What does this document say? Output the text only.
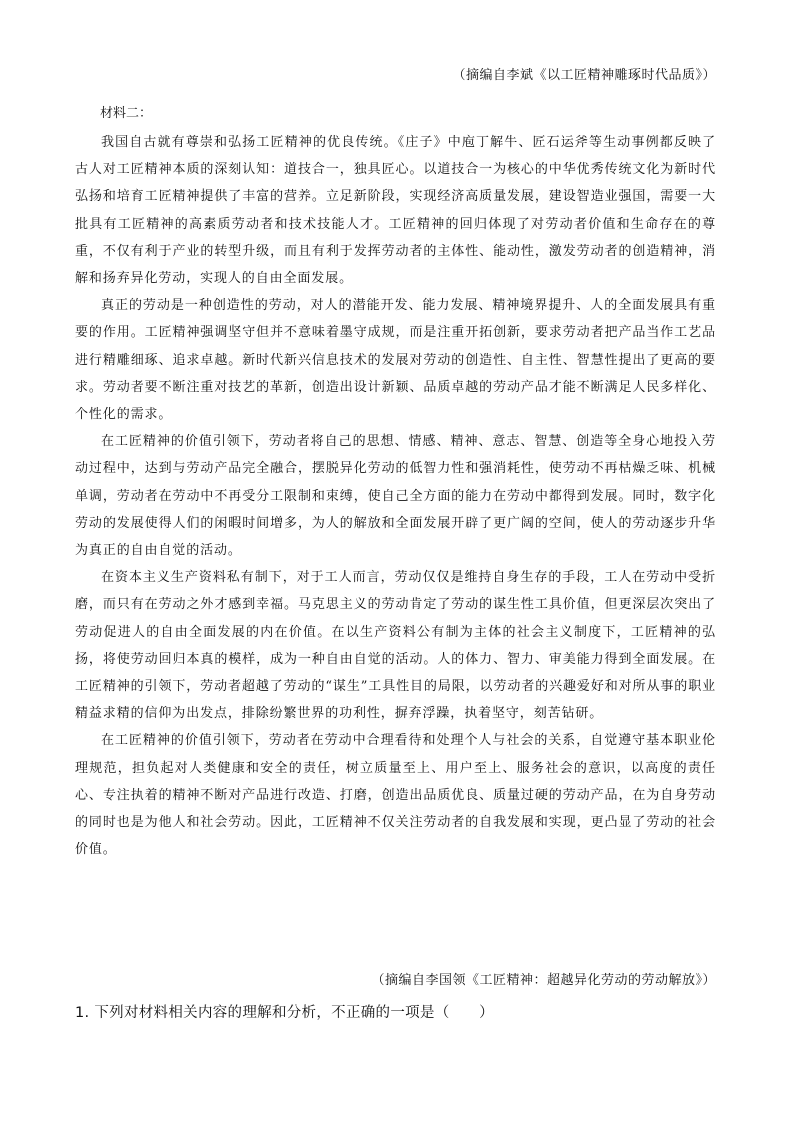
（摘编自李斌《以工匠精神雕琢时代品质》）
材料二：

我国自古就有尊崇和弘扬工匠精神的优良传统。《庄子》中庖丁解牛、匠石运斧等生动事例都反映了古人对工匠精神本质的深刻认知：道技合一，独具匠心。以道技合一为核心的中华优秀传统文化为新时代弘扬和培育工匠精神提供了丰富的营养。立足新阶段，实现经济高质量发展，建设智造业强国，需要一大批具有工匠精神的高素质劳动者和技术技能人才。工匠精神的回归体现了对劳动者价值和生命存在的尊重，不仅有利于产业的转型升级，而且有利于发挥劳动者的主体性、能动性，激发劳动者的创造精神，消解和扬弃异化劳动，实现人的自由全面发展。

真正的劳动是一种创造性的劳动，对人的潜能开发、能力发展、精神境界提升、人的全面发展具有重要的作用。工匠精神强调坚守但并不意味着墨守成规，而是注重开拓创新，要求劳动者把产品当作工艺品进行精雕细琢、追求卓越。新时代新兴信息技术的发展对劳动的创造性、自主性、智慧性提出了更高的要求。劳动者要不断注重对技艺的革新，创造出设计新颖、品质卓越的劳动产品才能不断满足人民多样化、个性化的需求。

在工匠精神的价值引领下，劳动者将自己的思想、情感、精神、意志、智慧、创造等全身心地投入劳动过程中，达到与劳动产品完全融合，摆脱异化劳动的低智力性和强消耗性，使劳动不再枯燥乏味、机械单调，劳动者在劳动中不再受分工限制和束缚，使自己全方面的能力在劳动中都得到发展。同时，数字化劳动的发展使得人们的闲暇时间增多，为人的解放和全面发展开辟了更广阔的空间，使人的劳动逐步升华为真正的自由自觉的活动。

在资本主义生产资料私有制下，对于工人而言，劳动仅仅是维持自身生存的手段，工人在劳动中受折磨，而只有在劳动之外才感到幸福。马克思主义的劳动肯定了劳动的谋生性工具价值，但更深层次突出了劳动促进人的自由全面发展的内在价值。在以生产资料公有制为主体的社会主义制度下，工匠精神的弘扬，将使劳动回归本真的模样，成为一种自由自觉的活动。人的体力、智力、审美能力得到全面发展。在工匠精神的引领下，劳动者超越了劳动的“谋生”工具性目的局限，以劳动者的兴趣爱好和对所从事的职业精益求精的信仰为出发点，排除纷繁世界的功利性，摒弃浮躁，执着坚守，刻苦钻研。

在工匠精神的价值引领下，劳动者在劳动中合理看待和处理个人与社会的关系，自觉遵守基本职业伦理规范，担负起对人类健康和安全的责任，树立质量至上、用户至上、服务社会的意识，以高度的责任心、专注执着的精神不断对产品进行改造、打磨，创造出品质优良、质量过硬的劳动产品，在为自身劳动的同时也是为他人和社会劳动。因此，工匠精神不仅关注劳动者的自我发展和实现，更凸显了劳动的社会价值。

（摘编自李国领《工匠精神：超越异化劳动的劳动解放》）
1. 下列对材料相关内容的理解和分析，不正确的一项是（　　）
